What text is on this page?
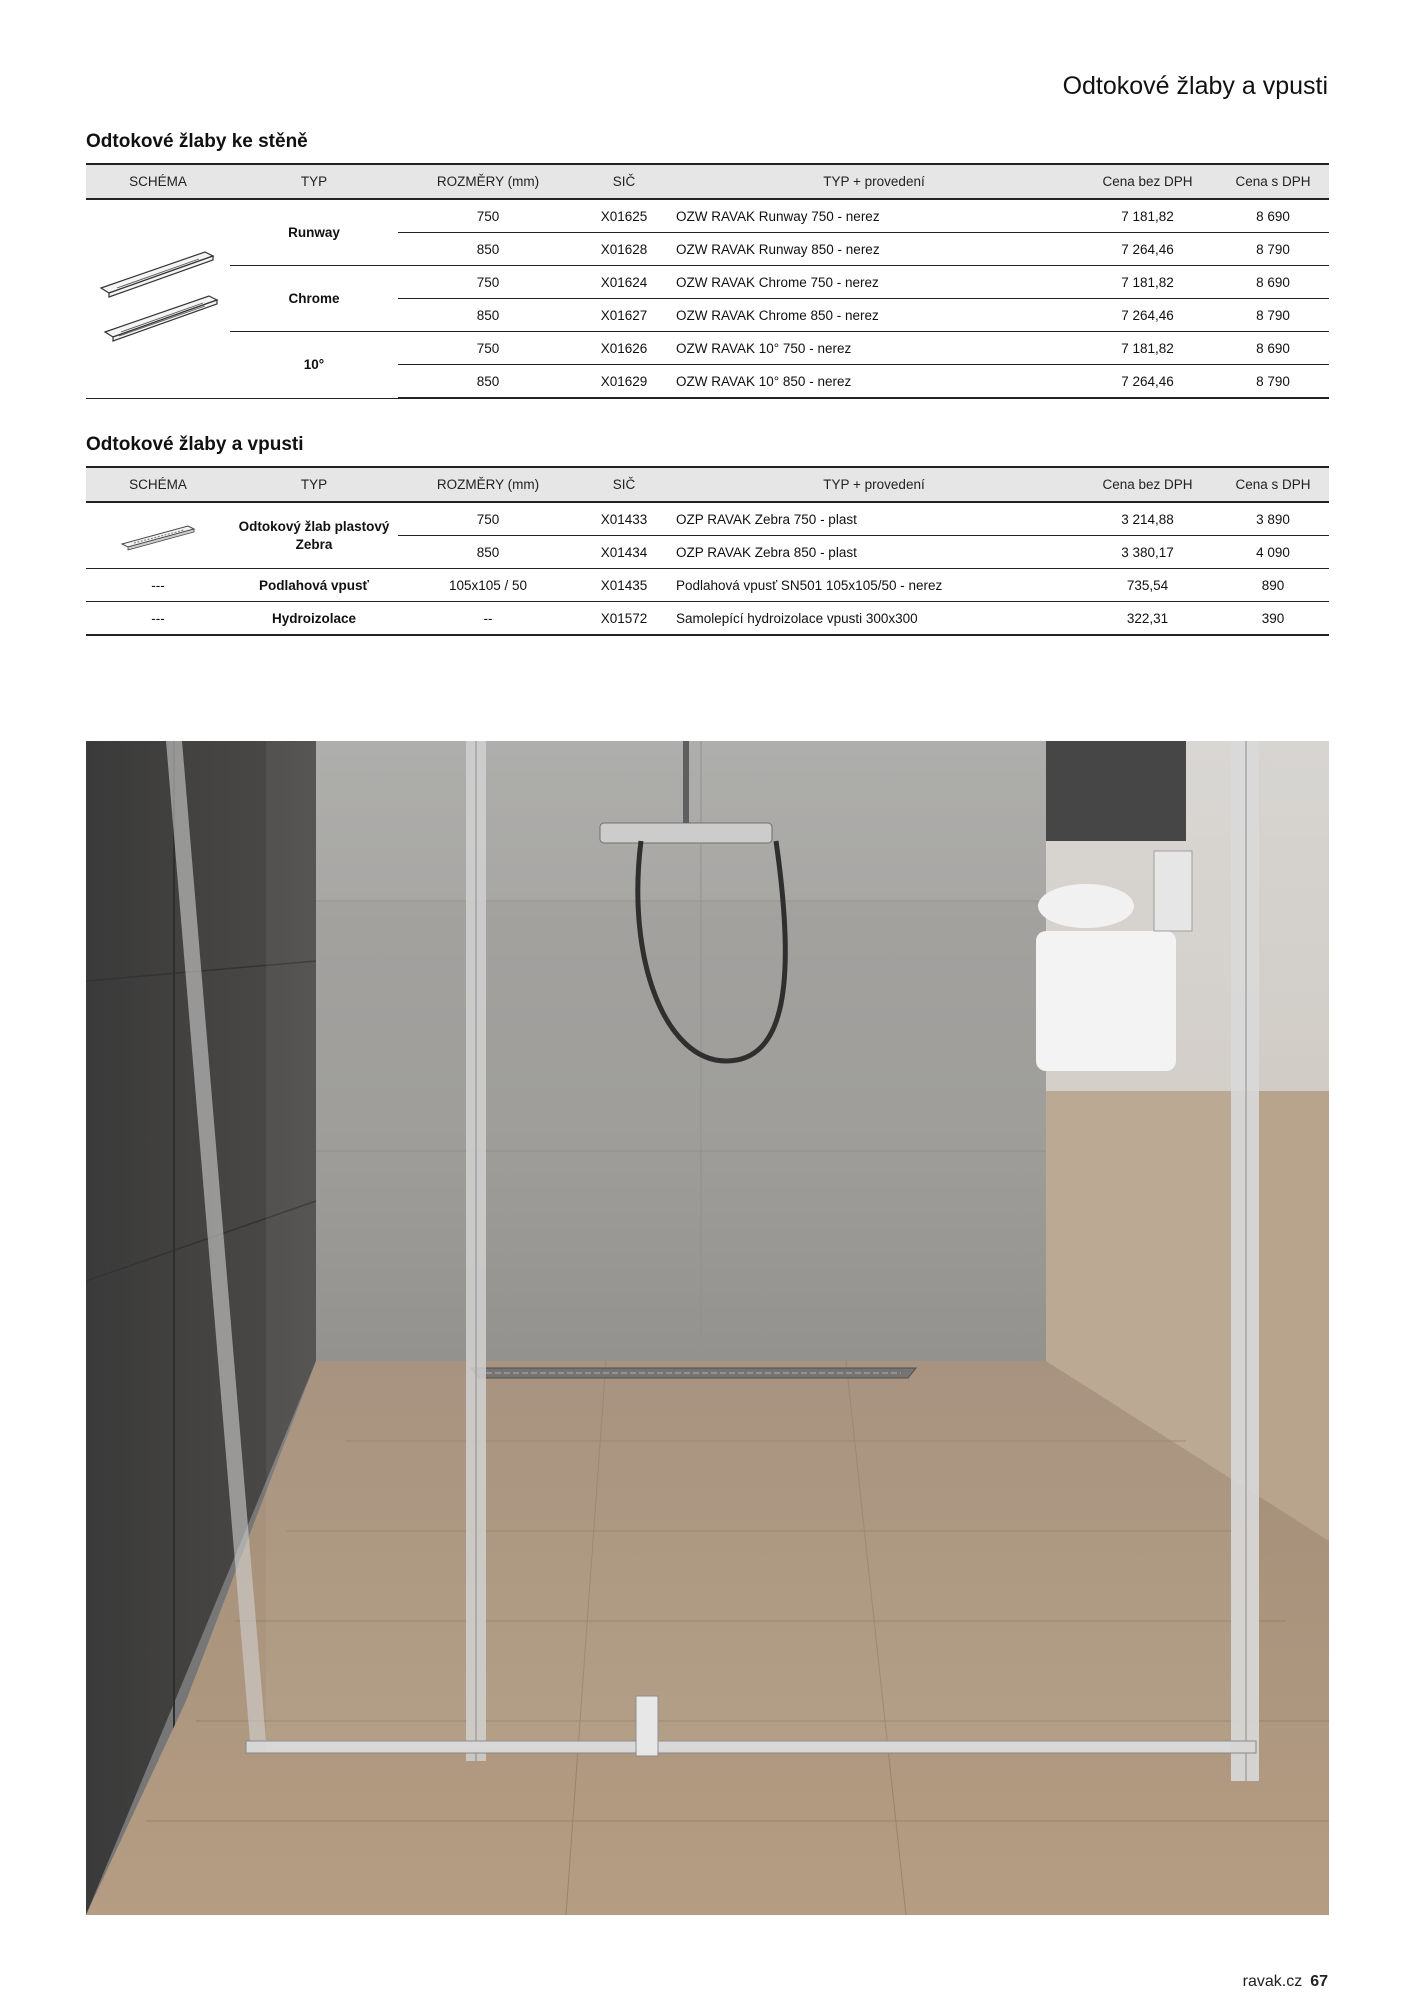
Odtokové žlaby a vpusti
Odtokové žlaby ke stěně
SCHÉMA	TYP	ROZMĚRY (mm)	SIČ	TYP + provedení	Cena bez DPH	Cena s DPH

	Runway	750	X01625	OZW RAVAK Runway 750 - nerez	7 181,82	8 690
		850	X01628	OZW RAVAK Runway 850 - nerez	7 264,46	8 790
	Chrome	750	X01624	OZW RAVAK Chrome 750 - nerez	7 181,82	8 690
		850	X01627	OZW RAVAK Chrome 850 - nerez	7 264,46	8 790
	10°	750	X01626	OZW RAVAK 10° 750 - nerez	7 181,82	8 690
		850	X01629	OZW RAVAK 10° 850 - nerez	7 264,46	8 790
Odtokové žlaby a vpusti
SCHÉMA	TYP	ROZMĚRY (mm)	SIČ	TYP + provedení	Cena bez DPH	Cena s DPH

	Odtokový žlab plastový Zebra	750	X01433	OZP RAVAK Zebra 750 - plast	3 214,88	3 890
		850	X01434	OZP RAVAK Zebra 850 - plast	3 380,17	4 090
---	Podlahová vpusť	105x105 / 50	X01435	Podlahová vpusť SN501 105x105/50 - nerez	735,54	890
---	Hydroizolace	--	X01572	Samolepící hydroizolace vpusti 300x300	322,31	390
ravak.cz 67
